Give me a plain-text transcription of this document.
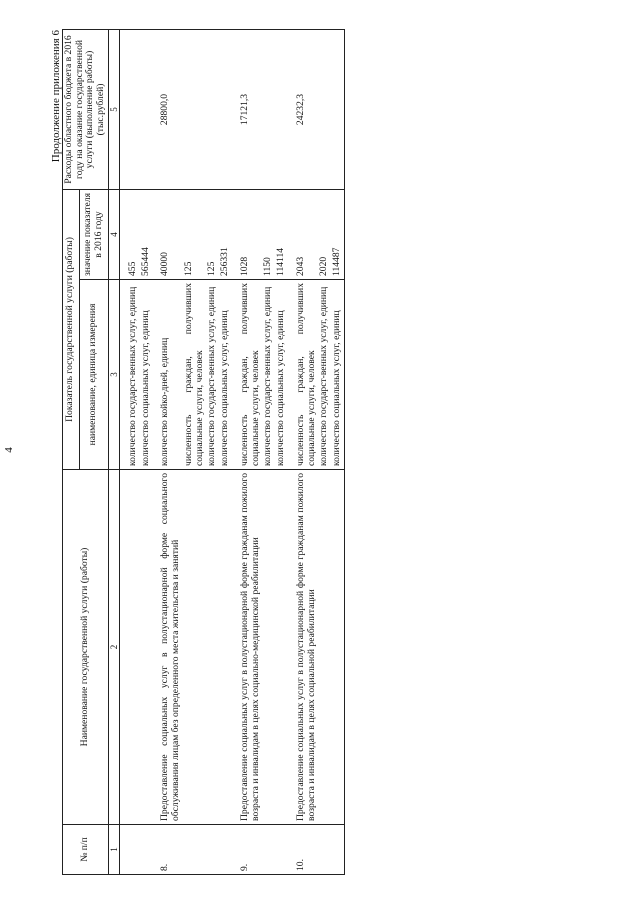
4
Продолжение приложения 6
№ п/п	Наименование государственной услуги (работы)	Показатель государственной услуги (работы)		Расходы областного бюджета в 2016 году на оказание государственной услуги (выполнение работы) (тыс.рублей)
		наименование, единица измерения	значение показателя в 2016 году	
1	2	3	4	5
		количество государст-венных услуг, единиц	455	
		количество социальных услуг, единиц	565444	
8.	Предоставление социальных услуг в полустационарной форме социального обслуживания лицам без определенного места жительства и занятий	количество койко-дней, единиц	40000	28800,0
		численность граждан, получивших социальные услуги, человек	125	
		количество государст-венных услуг, единиц	125	
		количество социальных услуг, единиц	256331	
9.	Предоставление социальных услуг в полустационарной форме гражданам пожилого возраста и инвалидам в целях социально-медицинской реабилитации	численность граждан, получивших социальные услуги, человек	1028	17121,3
		количество государст-венных услуг, единиц	1150	
		количество социальных услуг, единиц	114114	
10.	Предоставление социальных услуг в полустационарной форме гражданам пожилого возраста и инвалидам в целях социальной реабилитации	численность граждан, получивших социальные услуги, человек	2043	24232,3
		количество государст-венных услуг, единиц	2020	
		количество социальных услуг, единиц	114487	
